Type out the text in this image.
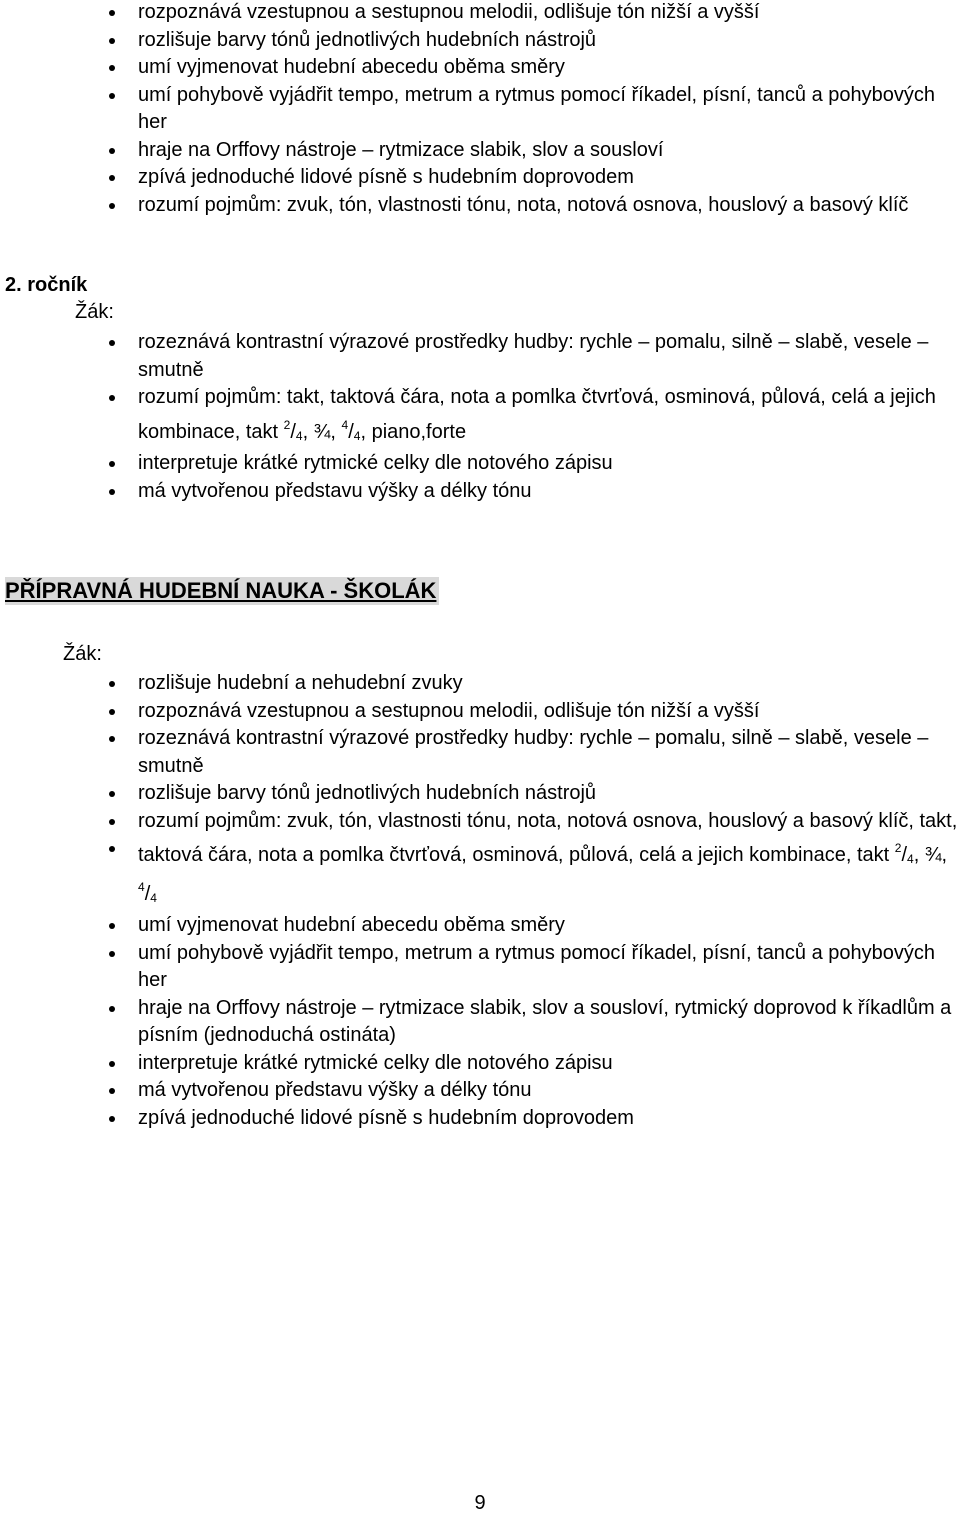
rozpoznává vzestupnou a sestupnou melodii, odlišuje tón nižší a vyšší
rozlišuje barvy tónů jednotlivých hudebních nástrojů
umí vyjmenovat hudební abecedu oběma směry
umí pohybově vyjádřit tempo, metrum a rytmus pomocí říkadel, písní, tanců a pohybových her
hraje na Orffovy nástroje – rytmizace slabik, slov a sousloví
zpívá jednoduché lidové písně s hudebním doprovodem
rozumí pojmům: zvuk, tón, vlastnosti tónu, nota, notová osnova, houslový a basový klíč
2. ročník
Žák:
rozeznává kontrastní výrazové prostředky hudby: rychle – pomalu, silně – slabě, vesele – smutně
rozumí pojmům: takt, taktová čára, nota a pomlka čtvrťová, osminová, půlová, celá a jejich kombinace, takt $^2/_4$, ¾, $^4/_4$, piano,forte
interpretuje krátké rytmické celky dle notového zápisu
má vytvořenou představu výšky a délky tónu
PŘÍPRAVNÁ HUDEBNÍ NAUKA - ŠKOLÁK
Žák:
rozlišuje hudební a nehudební zvuky
rozpoznává vzestupnou a sestupnou melodii, odlišuje tón nižší a vyšší
rozeznává kontrastní výrazové prostředky hudby: rychle – pomalu, silně – slabě, vesele – smutně
rozlišuje barvy tónů jednotlivých hudebních nástrojů
rozumí pojmům: zvuk, tón, vlastnosti tónu, nota, notová osnova, houslový a basový klíč, takt,
taktová čára, nota a pomlka čtvrťová, osminová, půlová, celá a jejich kombinace, takt $^2/_4$, ¾, $^4/_4$
umí vyjmenovat hudební abecedu oběma směry
umí pohybově vyjádřit tempo, metrum a rytmus pomocí říkadel, písní, tanců a pohybových her
hraje na Orffovy nástroje – rytmizace slabik, slov a sousloví, rytmický doprovod k říkadlům a
písním (jednoduchá ostináta)
interpretuje krátké rytmické celky dle notového zápisu
má vytvořenou představu výšky a délky tónu
zpívá jednoduché lidové písně s hudebním doprovodem
9
